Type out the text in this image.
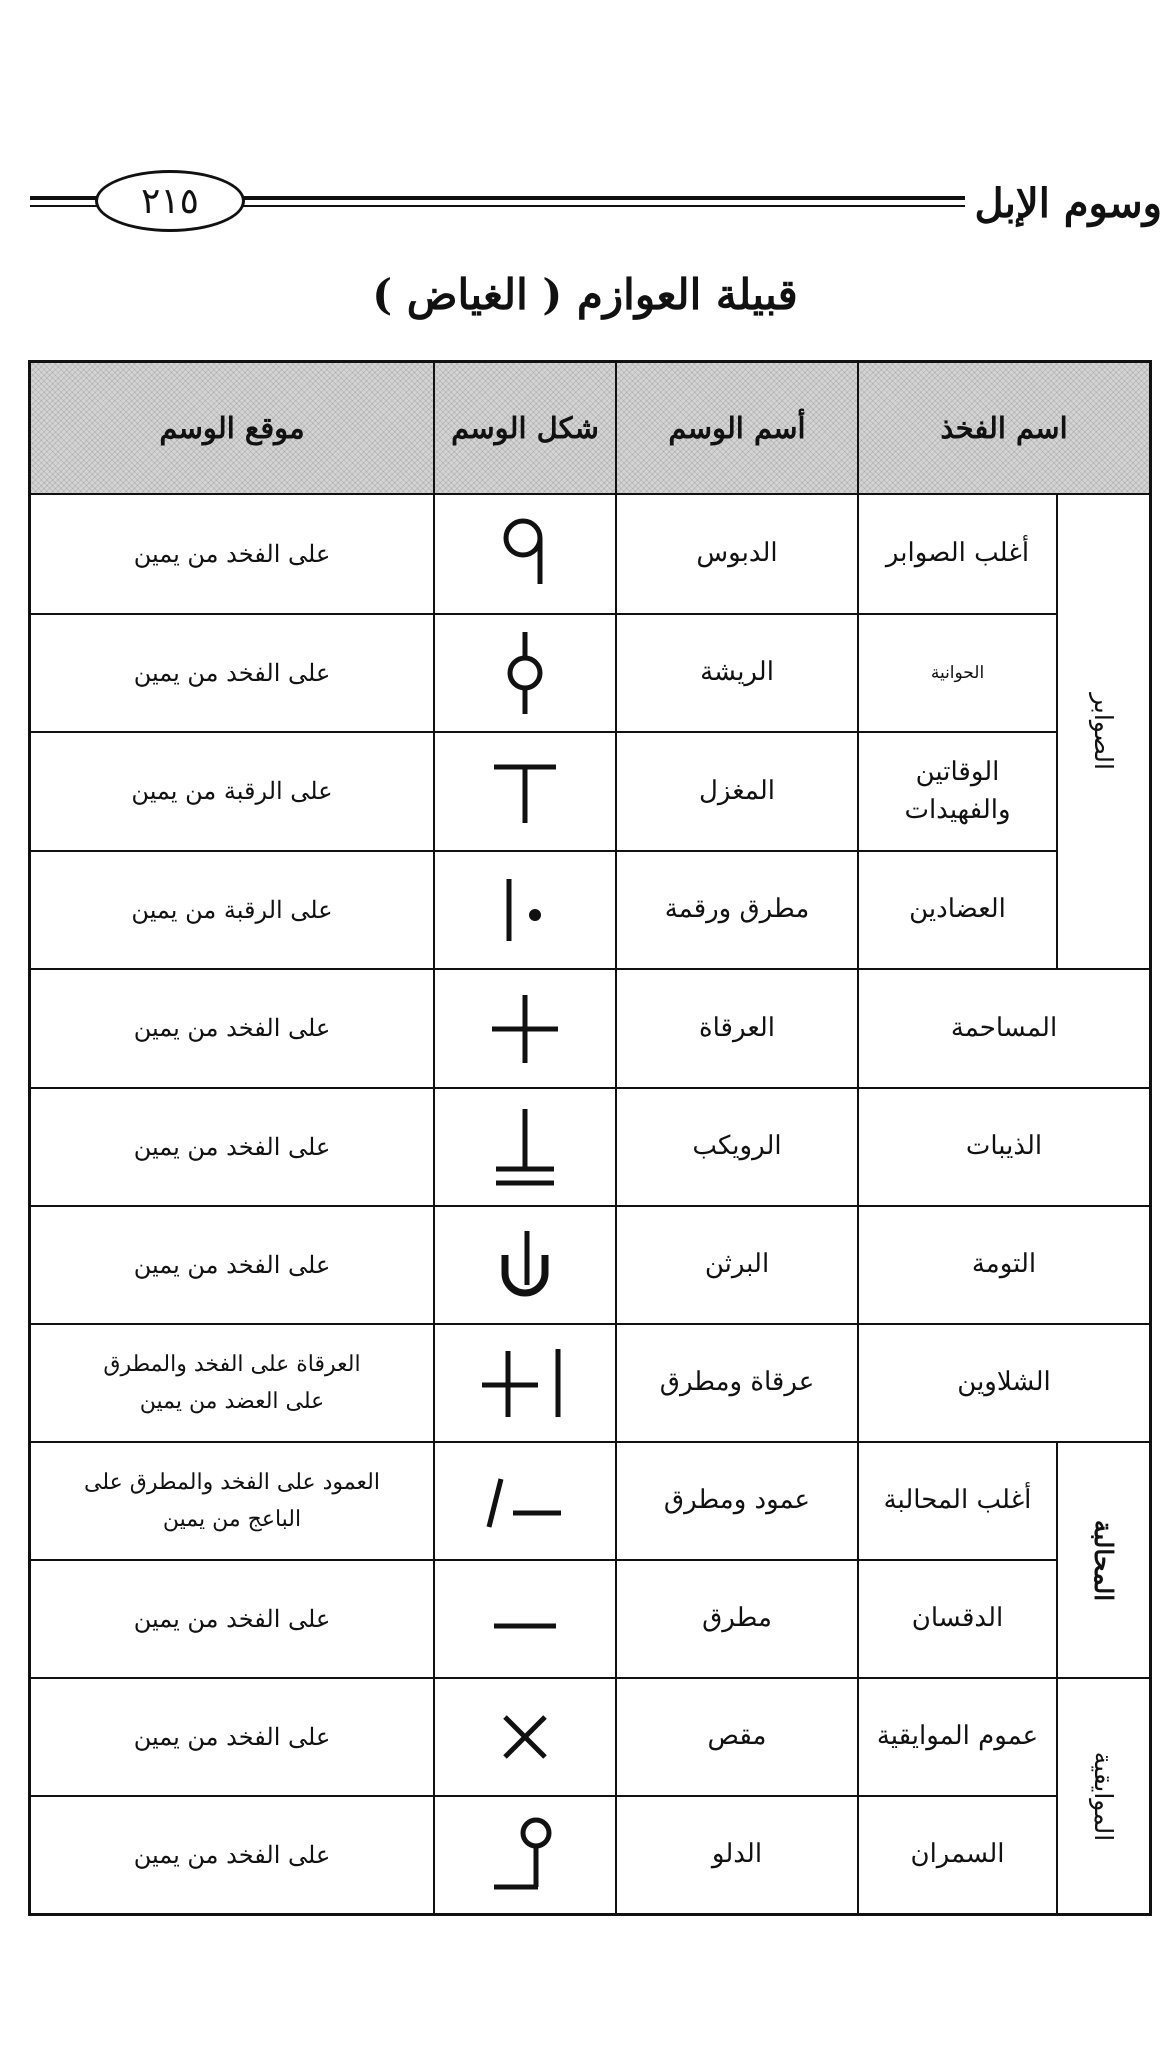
٢١٥	وسوم الإبل
قبيلة العوازم ( الغياض )
اسم الفخذ
أسم الوسم
شكل الوسم
موقع الوسم
الصوابر
المحالبة
الموايقية
أغلب الصوابر
الدبوس
على الفخد من يمين
الحوانية
الريشة
على الفخد من يمين
الوقاتين والفهيدات
المغزل
على الرقبة من يمين
العضادين
مطرق ورقمة
على الرقبة من يمين
المساحمة
العرقاة
على الفخد من يمين
الذيبات
الرويكب
على الفخد من يمين
التومة
البرثن
على الفخد من يمين
الشلاوين
عرقاة ومطرق
العرقاة على الفخد والمطرق على العضد من يمين
أغلب المحالبة
عمود ومطرق
العمود على الفخد والمطرق على الباعج من يمين
الدقسان
مطرق
على الفخد من يمين
عموم الموايقية
مقص
على الفخد من يمين
السمران
الدلو
على الفخد من يمين
